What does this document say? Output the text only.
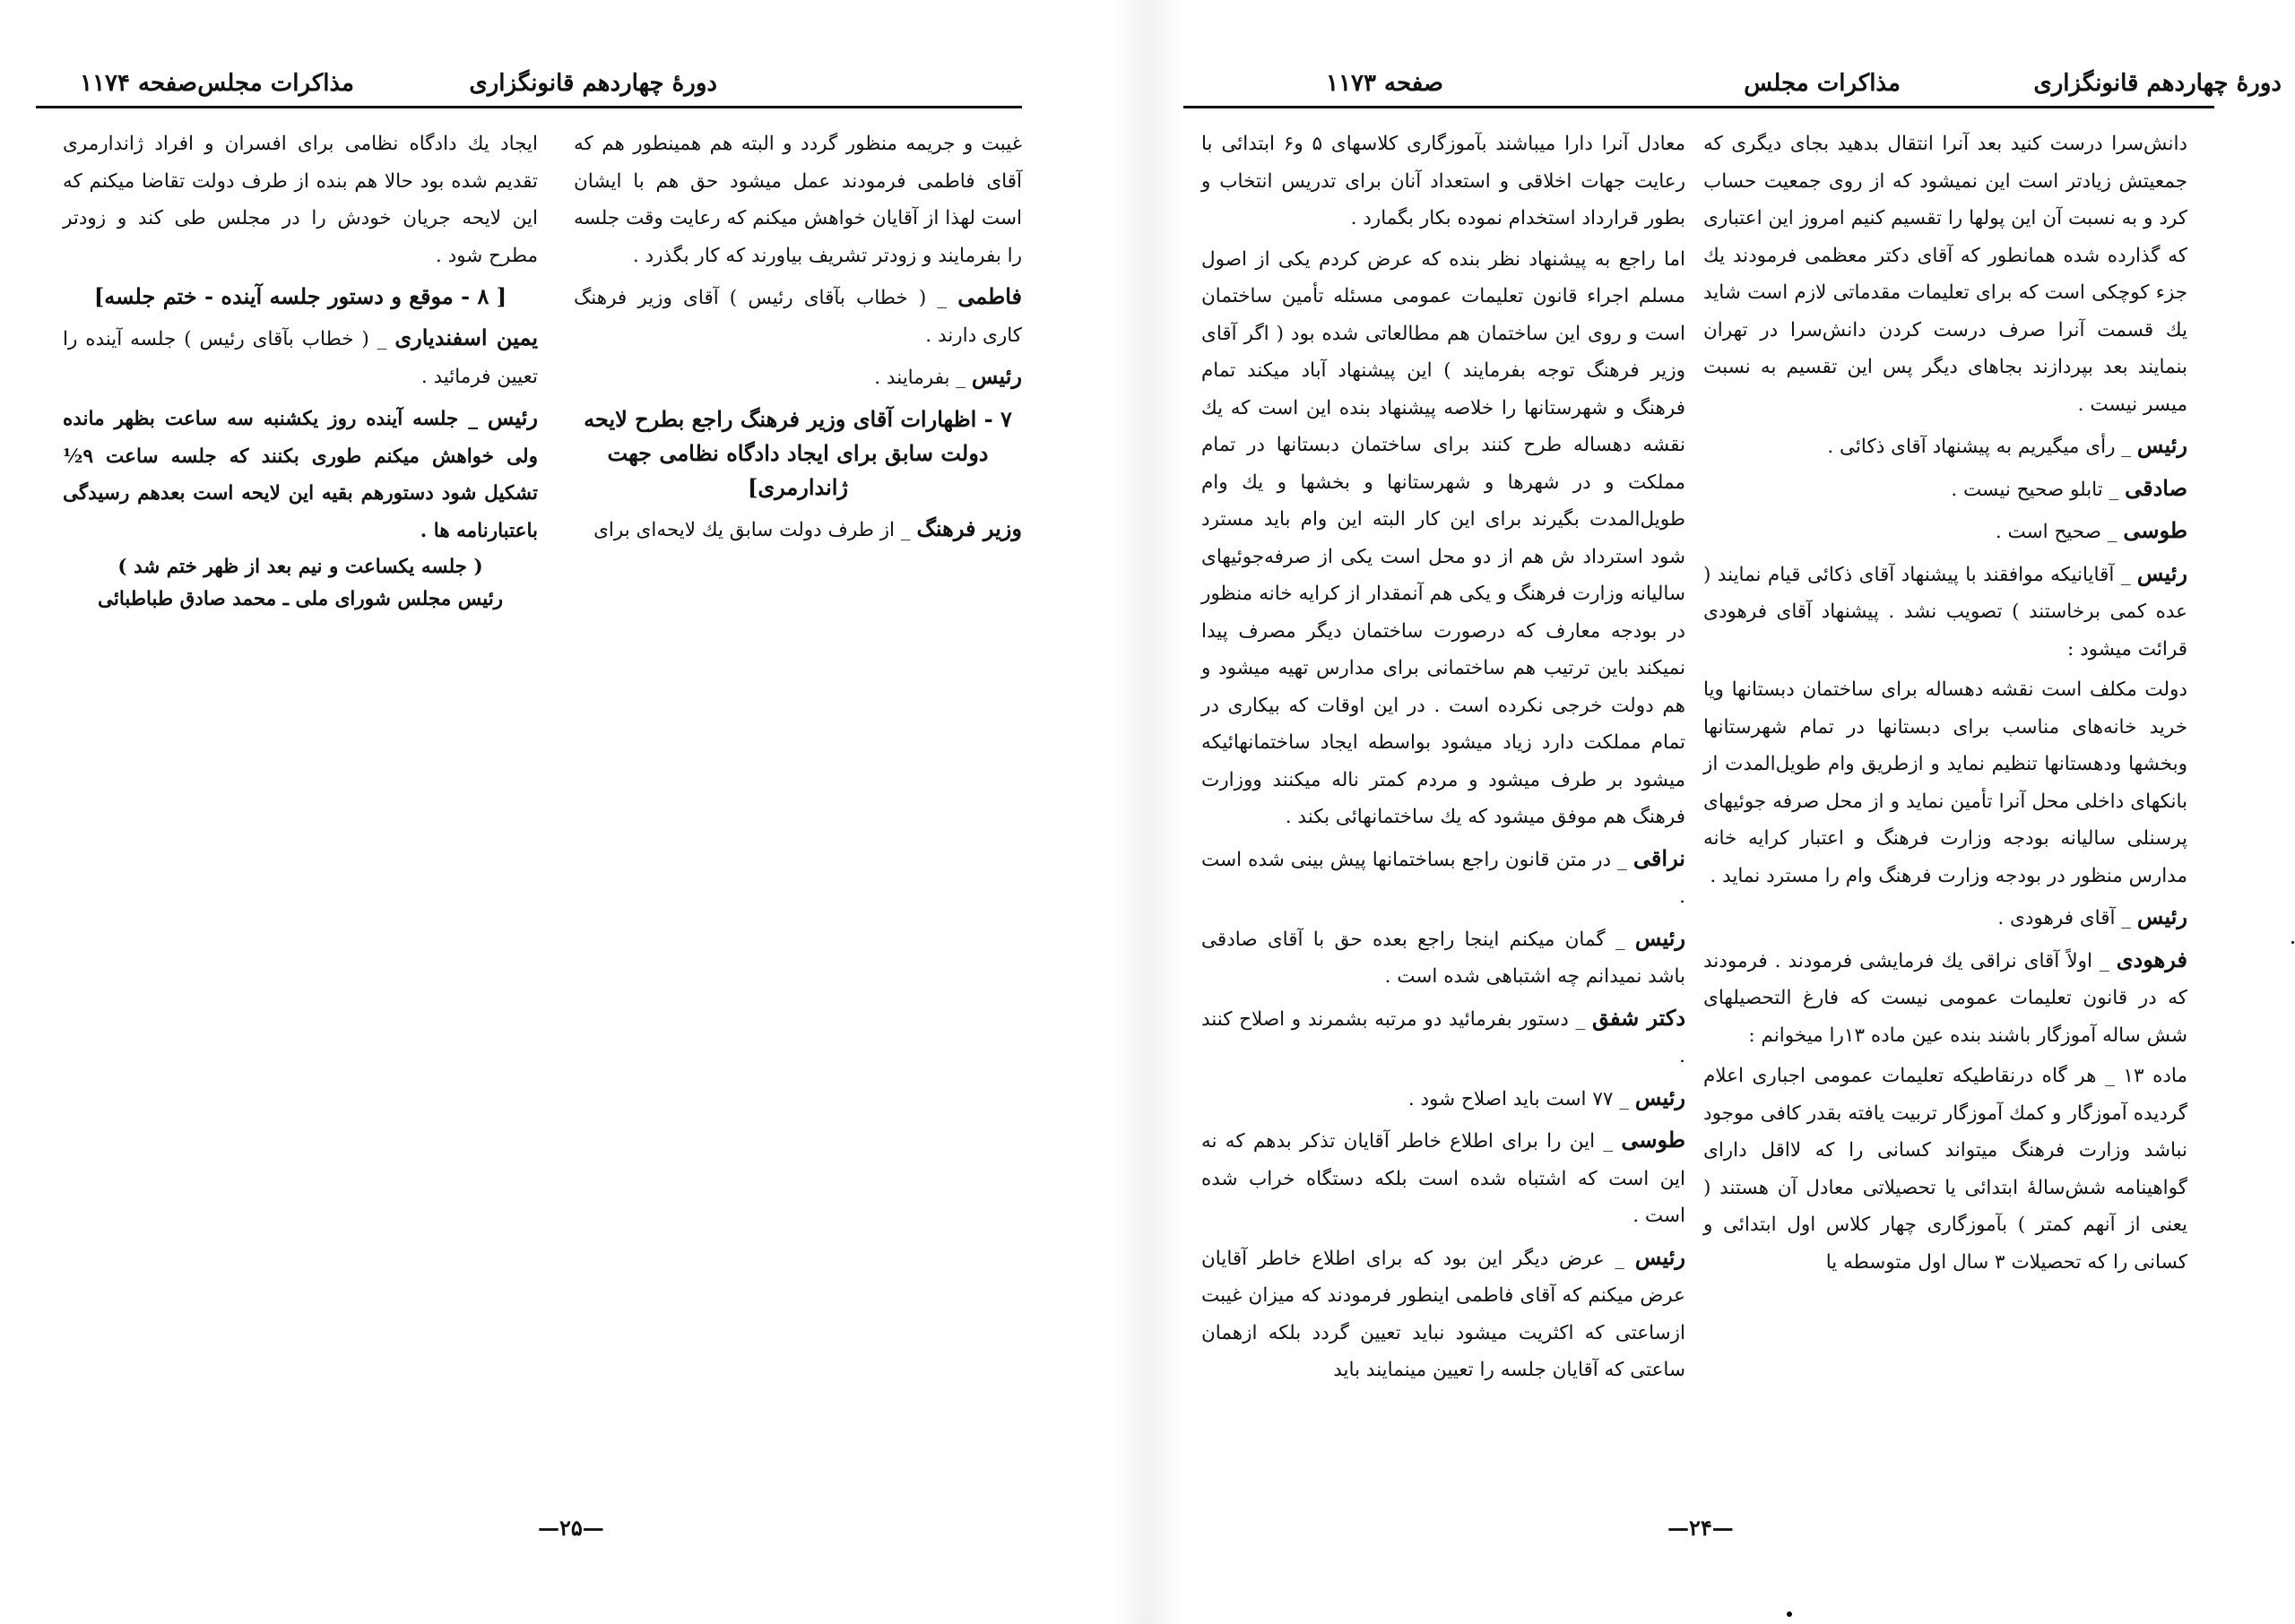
دورهٔ چهاردهم قانونگزاری
مذاکرات مجلس
صفحه ۱۱۷۴

غیبت و جریمه منظور گردد و البته هم همینطور هم که آقای فاطمی فرمودند عمل میشود حق هم با ایشان است لهذا از آقایان خواهش میکنم که رعایت وقت جلسه را بفرمایند و زودتر تشریف بیاورند که کار بگذرد .

فاطمی _ ( خطاب بآقای رئیس ) آقای وزیر فرهنگ کاری دارند .

رئیس _ بفرمایند .

۷ - اظهارات آقای وزیر فرهنگ راجع بطرح لایحه دولت سابق برای ایجاد دادگاه نظامی جهت ژاندارمری]

وزیر فرهنگ _ از طرف دولت سابق یك لایحه‌ای برای

ایجاد یك دادگاه نظامی برای افسران و افراد ژاندارمری تقدیم شده بود حالا هم بنده از طرف دولت تقاضا میکنم که این لایحه جریان خودش را در مجلس طی کند و زودتر مطرح شود .

[ ۸ - موقع و دستور جلسه آینده - ختم جلسه]

یمین اسفندیاری _ ( خطاب بآقای رئیس ) جلسه آینده را تعیین فرمائید .

رئیس _ جلسه آینده روز یکشنبه سه ساعت بظهر مانده ولی خواهش میکنم طوری بکنند که جلسه ساعت ۹½ تشکیل شود دستورهم بقیه این لایحه است بعدهم رسیدگی باعتبارنامه ها .

( جلسه یکساعت و نیم بعد از ظهر ختم شد )

رئیس مجلس شورای ملی ـ محمد صادق طباطبائی

—۲۵—
دورهٔ چهاردهم قانونگزاری
مذاکرات مجلس
صفحه ۱۱۷۳

دانش‌سرا درست کنید بعد آنرا انتقال بدهید بجای دیگری که جمعیتش زیادتر است این نمیشود که از روی جمعیت حساب کرد و به نسبت آن این پولها را تقسیم کنیم امروز این اعتباری که گذارده شده همانطور که آقای دکتر معظمی فرمودند یك جزء کوچکی است که برای تعلیمات مقدماتی لازم است شاید یك قسمت آنرا صرف درست کردن دانش‌سرا در تهران بنمایند بعد بپردازند بجاهای دیگر پس این تقسیم به نسبت میسر نیست .

رئیس _ رأی میگیریم به پیشنهاد آقای ذکائی .

صادقی _ تابلو صحیح نیست .

طوسی _ صحیح است .

رئیس _ آقایانیکه موافقند با پیشنهاد آقای ذکائی قیام نمایند ( عده کمی برخاستند ) تصویب نشد . پیشنهاد آقای فرهودی قرائت میشود :

دولت مکلف است نقشه دهساله برای ساختمان دبستانها ویا خرید خانه‌های مناسب برای دبستانها در تمام شهرستانها وبخشها ودهستانها تنظیم نماید و ازطریق وام طویل‌المدت از بانکهای داخلی محل آنرا تأمین نماید و از محل صرفه جوئیهای پرسنلی سالیانه بودجه وزارت فرهنگ و اعتبار کرایه خانه مدارس منظور در بودجه وزارت فرهنگ وام را مسترد نماید .

رئیس _ آقای فرهودی .

فرهودی _ اولاً آقای نراقی یك فرمایشی فرمودند . فرمودند که در قانون تعلیمات عمومی نیست که فارغ التحصیلهای شش ساله آموزگار باشند بنده عین ماده ۱۳را میخوانم :

ماده ۱۳ _ هر گاه درنقاطیکه تعلیمات عمومی اجباری اعلام گردیده آموزگار و کمك آموزگار تربیت یافته بقدر کافی موجود نباشد وزارت فرهنگ میتواند کسانی را که لااقل دارای گواهینامه شش‌سالهٔ ابتدائی یا تحصیلاتی معادل آن هستند ( یعنی از آنهم کمتر ) بآموزگاری چهار کلاس اول ابتدائی و کسانی را که تحصیلات ۳ سال اول متوسطه یا

معادل آنرا دارا میباشند بآموزگاری کلاسهای ۵ و۶ ابتدائی با رعایت جهات اخلاقی و استعداد آنان برای تدریس انتخاب و بطور قرارداد استخدام نموده بکار بگمارد .

اما راجع به پیشنهاد نظر بنده که عرض کردم یکی از اصول مسلم اجراء قانون تعلیمات عمومی مسئله تأمین ساختمان است و روی این ساختمان هم مطالعاتی شده بود ( اگر آقای وزیر فرهنگ توجه بفرمایند ) این پیشنهاد آباد میکند تمام فرهنگ و شهرستانها را خلاصه پیشنهاد بنده این است که یك نقشه دهساله طرح کنند برای ساختمان دبستانها در تمام مملکت و در شهرها و شهرستانها و بخشها و یك وام طویل‌المدت بگیرند برای این کار البته این وام باید مسترد شود استرداد ش هم از دو محل است یکی از صرفه‌جوئیهای سالیانه وزارت فرهنگ و یکی هم آنمقدار از کرایه خانه منظور در بودجه معارف که درصورت ساختمان دیگر مصرف پیدا نمیکند باین ترتیب هم ساختمانی برای مدارس تهیه میشود و هم دولت خرجی نکرده است . در این اوقات که بیکاری در تمام مملکت دارد زیاد میشود بواسطه ایجاد ساختمانهائیکه میشود بر طرف میشود و مردم کمتر ناله میکنند ووزارت فرهنگ هم موفق میشود که یك ساختمانهائی بکند .

نراقی _ در متن قانون راجع بساختمانها پیش بینی شده است .

رئیس _ گمان میکنم اینجا راجع بعده حق با آقای صادقی باشد نمیدانم چه اشتباهی شده است .

دکتر شفق _ دستور بفرمائید دو مرتبه بشمرند و اصلاح کنند .

رئیس _ ۷۷ است باید اصلاح شود .

طوسی _ این را برای اطلاع خاطر آقایان تذکر بدهم که نه این است که اشتباه شده است بلکه دستگاه خراب شده است .

رئیس _ عرض دیگر این بود که برای اطلاع خاطر آقایان عرض میکنم که آقای فاطمی اینطور فرمودند که میزان غیبت ازساعتی که اکثریت میشود نباید تعیین گردد بلکه ازهمان ساعتی که آقایان جلسه را تعیین مینمایند باید

—۲۴—
